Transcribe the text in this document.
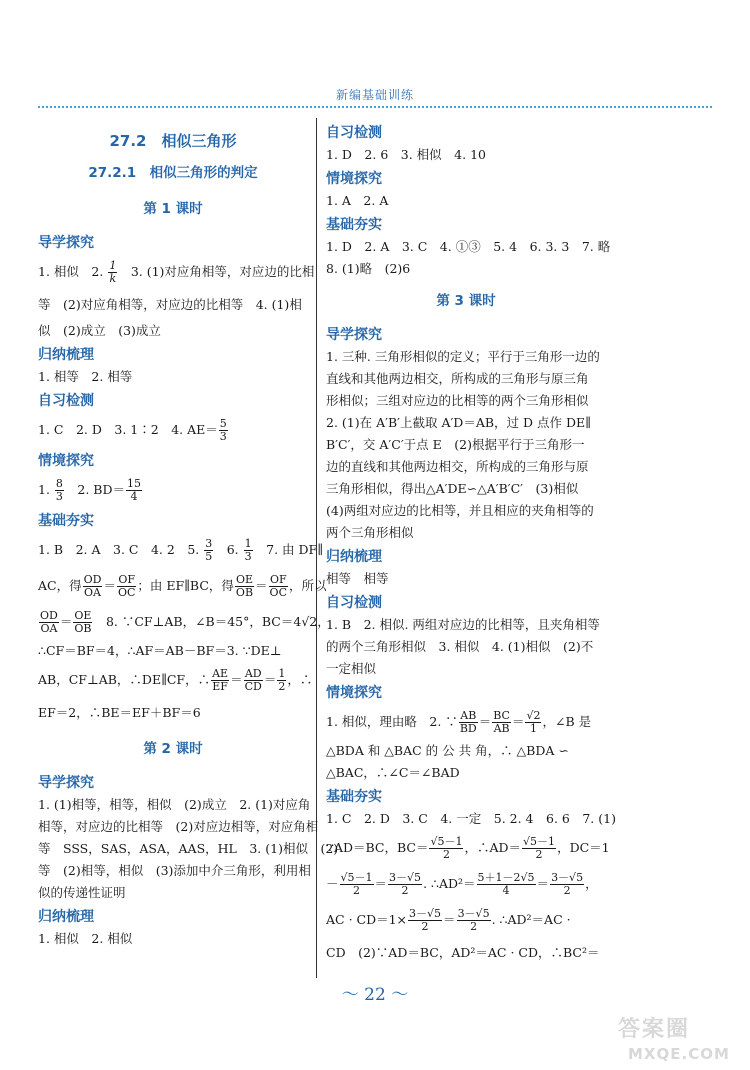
新编基础训练
27.2　相似三角形
27.2.1　相似三角形的判定
第 1 课时
导学探究
1. 相似　2. $\frac{1}{k}$ 　3. (1)对应角相等，对应边的比相
等　(2)对应角相等，对应边的比相等　4. (1)相
似　(2)成立　(3)成立
归纳梳理
1. 相等　2. 相等
自习检测
1. C　2. D　3. 1∶2　4. $AE= \frac{5}{3}$
情境探究
1. $\frac{8}{3}$ 　2. $BD= \frac{15}{4}$
基础夯实
1. B　2. A　3. C　4. 2　5. $\frac{3}{5}$ 　6. $\frac{1}{3}$ 　7. 由 DF∥
AC，得 $\frac{OD}{OA} = \frac{OF}{OC}$ ；由 EF∥BC，得 $\frac{OE}{OB} = \frac{OF}{OC}$ ，所以
$\frac{OD}{OA} = \frac{OE}{OB}$ 　8. ∵CF⊥AB，∠B＝45°，BC＝4√2，
∴CF＝BF＝4，∴AF＝AB－BF＝3. ∵DE⊥
AB，CF⊥AB，∴DE∥CF，∴ $\frac{AE}{EF} = \frac{AD}{CD} = \frac{1}{2}$ ，∴
EF＝2，∴BE＝EF＋BF＝6
第 2 课时
导学探究
1. (1)相等，相等，相似　(2)成立　2. (1)对应角
相等，对应边的比相等　(2)对应边相等，对应角相
等　SSS，SAS，ASA，AAS，HL　3. (1)相似　(2)
等　(2)相等，相似　(3)添加中介三角形，利用相
似的传递性证明
归纳梳理
1. 相似　2. 相似
自习检测
1. D　2. 6　3. 相似　4. 10
情境探究
1. A　2. A
基础夯实
1. D　2. A　3. C　4. ①③　5. 4　6. 3. 3　7. 略
8. (1)略　(2)6
第 3 课时
导学探究
1. 三种. 三角形相似的定义；平行于三角形一边的
直线和其他两边相交，所构成的三角形与原三角
形相似；三组对应边的比相等的两个三角形相似
2. (1)在 A′B′上截取 A′D＝AB，过 D 点作 DE∥
B′C′，交 A′C′于点 E　(2)根据平行于三角形一
边的直线和其他两边相交，所构成的三角形与原
三角形相似，得出△A′DE∽△A′B′C′　(3)相似
(4)两组对应边的比相等，并且相应的夹角相等的
两个三角形相似
归纳梳理
相等　相等
自习检测
1. B　2. 相似. 两组对应边的比相等，且夹角相等
的两个三角形相似　3. 相似　4. (1)相似　(2)不
一定相似
情境探究
1. 相似，理由略　2. ∵ $\frac{AB}{BD} = \frac{BC}{AB} = \frac{√2}{1}$ ，∠B 是
△BDA 和 △BAC 的 公 共 角，∴ △BDA ∽
△BAC，∴∠C＝∠BAD
基础夯实
1. C　2. D　3. C　4. 一定　5. 2. 4　6. 6　7. (1)
∵AD＝BC，$BC= \frac{√5-1}{2}$ ，∴AD＝ $\frac{√5-1}{2}$ ，DC＝1
－ $\frac{√5-1}{2} = \frac{3-√5}{2}$ . ∴AD²＝ $\frac{5+1-2√5}{4} = \frac{3-√5}{2}$ ，
AC · $CD=1\times \frac{3-√5}{2} = \frac{3-√5}{2}$ . ∴AD²＝AC ·
CD　(2)∵AD＝BC，AD²＝AC · CD，∴BC²＝
～ 22 ～
答案圈
MXQE.COM
